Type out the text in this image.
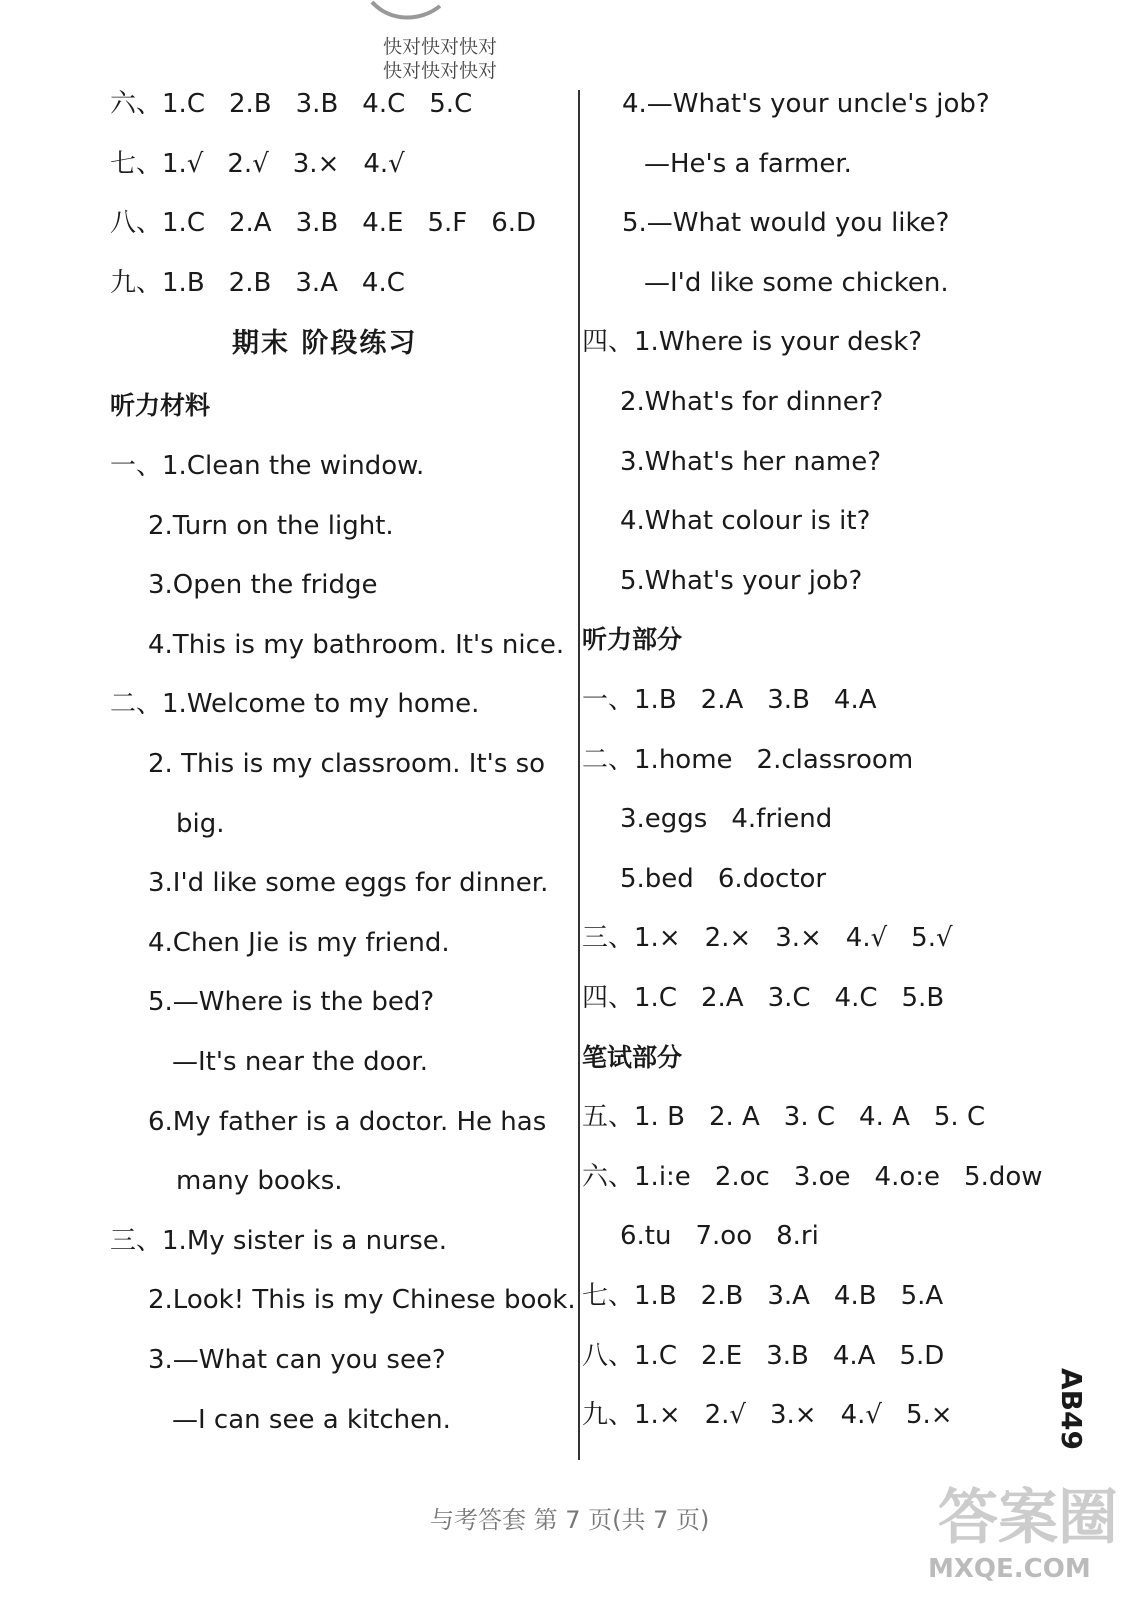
快对快对快对
快对快对快对
AB49
与考答套 第 7 页(共 7 页)	答案圈
MXQE.COM
六、1.C 2.B 3.B 4.C 5.C
七、1.√ 2.√ 3.× 4.√
八、1.C 2.A 3.B 4.E 5.F 6.D
九、1.B 2.B 3.A 4.C
期末 阶段练习
听力材料
一、1.Clean the window.
2.Turn on the light.
3.Open the fridge
4.This is my bathroom. It's nice.
二、1.Welcome to my home.
2. This is my classroom. It's so
big.
3.I'd like some eggs for dinner.
4.Chen Jie is my friend.
5.—Where is the bed?
—It's near the door.
6.My father is a doctor. He has
many books.
三、1.My sister is a nurse.
2.Look! This is my Chinese book.
3.—What can you see?
—I can see a kitchen.
4.—What's your uncle's job?
—He's a farmer.
5.—What would you like?
—I'd like some chicken.
四、1.Where is your desk?
2.What's for dinner?
3.What's her name?
4.What colour is it?
5.What's your job?
听力部分
一、1.B 2.A 3.B 4.A
二、1.home 2.classroom
3.eggs 4.friend
5.bed 6.doctor
三、1.× 2.× 3.× 4.√ 5.√
四、1.C 2.A 3.C 4.C 5.B
笔试部分
五、1. B 2. A 3. C 4. A 5. C
六、1.i:e 2.oc 3.oe 4.o:e 5.dow
6.tu 7.oo 8.ri
七、1.B 2.B 3.A 4.B 5.A
八、1.C 2.E 3.B 4.A 5.D
九、1.× 2.√ 3.× 4.√ 5.×
